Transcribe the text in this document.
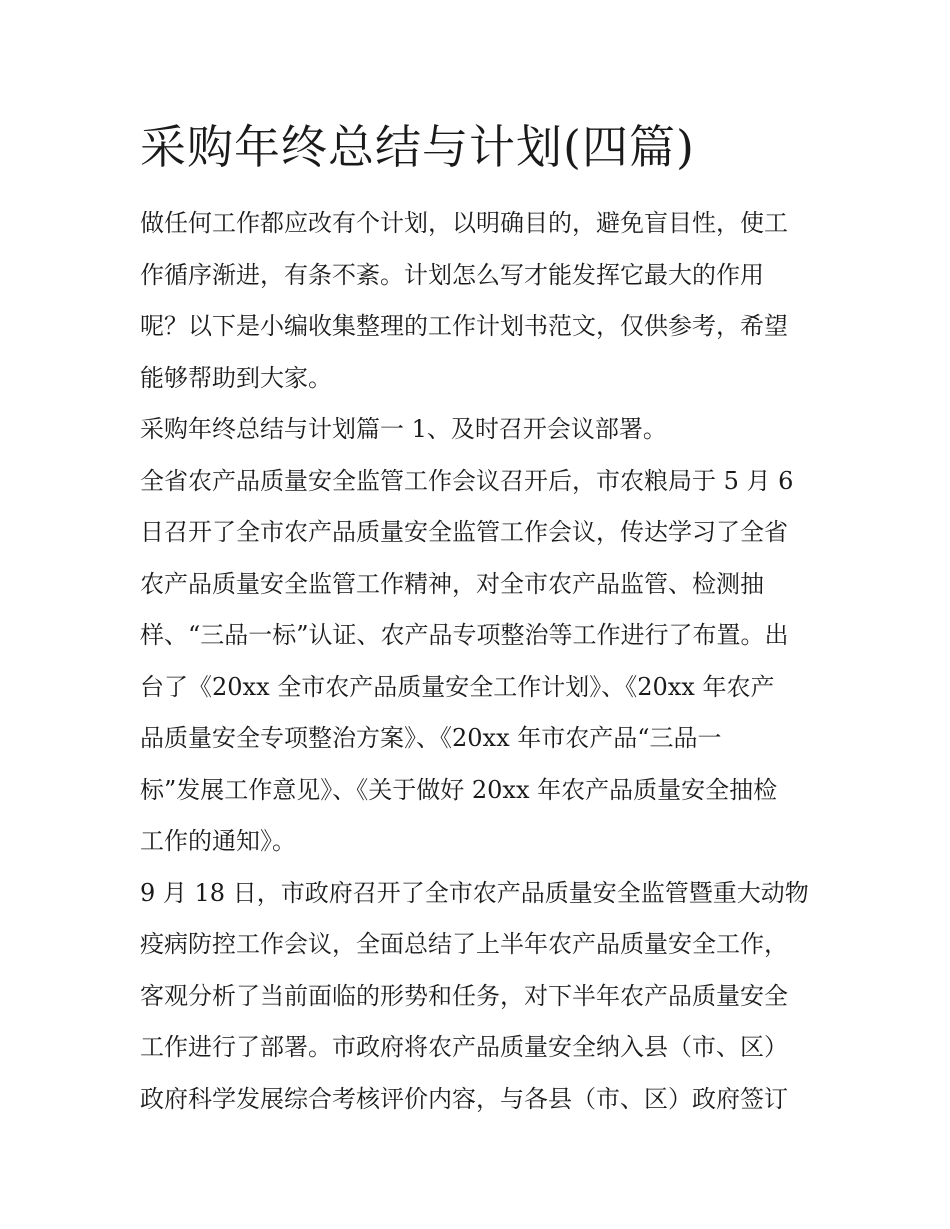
采购年终总结与计划(四篇)
做任何工作都应改有个计划，以明确目的，避免盲目性，使工
作循序渐进，有条不紊。计划怎么写才能发挥它最大的作用
呢？以下是小编收集整理的工作计划书范文，仅供参考，希望
能够帮助到大家。
采购年终总结与计划篇一 1、及时召开会议部署。
全省农产品质量安全监管工作会议召开后，市农粮局于 5 月 6
日召开了全市农产品质量安全监管工作会议，传达学习了全省
农产品质量安全监管工作精神，对全市农产品监管、检测抽
样、“三品一标”认证、农产品专项整治等工作进行了布置。出
台了《20xx 全市农产品质量安全工作计划》、《20xx 年农产
品质量安全专项整治方案》、《20xx 年市农产品“三品一
标”发展工作意见》、《关于做好 20xx 年农产品质量安全抽检
工作的通知》。
9 月 18 日，市政府召开了全市农产品质量安全监管暨重大动物
疫病防控工作会议，全面总结了上半年农产品质量安全工作，
客观分析了当前面临的形势和任务，对下半年农产品质量安全
工作进行了部署。市政府将农产品质量安全纳入县（市、区）
政府科学发展综合考核评价内容，与各县（市、区）政府签订
